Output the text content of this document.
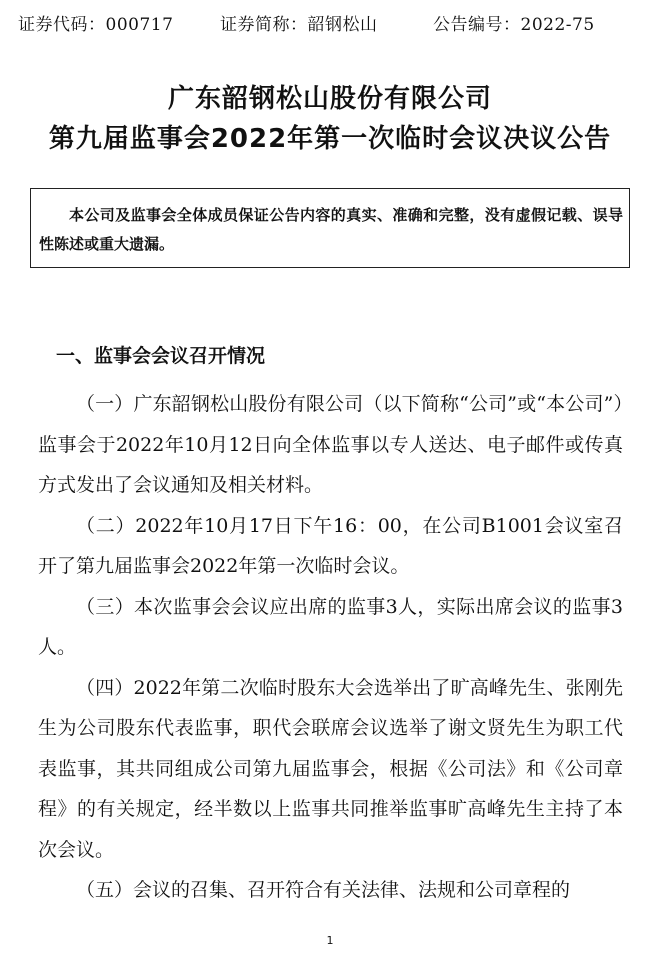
证券代码：000717	证券简称：韶钢松山	公告编号：2022-75
广东韶钢松山股份有限公司
第九届监事会2022年第一次临时会议决议公告
本公司及监事会全体成员保证公告内容的真实、准确和完整，没有虚假记载、误导性陈述或重大遗漏。
一、监事会会议召开情况

（一）广东韶钢松山股份有限公司（以下简称“公司”或“本公司”）监事会于2022年10月12日向全体监事以专人送达、电子邮件或传真方式发出了会议通知及相关材料。

（二）2022年10月17日下午16：00，在公司B1001会议室召开了第九届监事会2022年第一次临时会议。

（三）本次监事会会议应出席的监事3人，实际出席会议的监事3人。

（四）2022年第二次临时股东大会选举出了旷高峰先生、张刚先生为公司股东代表监事，职代会联席会议选举了谢文贤先生为职工代表监事，其共同组成公司第九届监事会，根据《公司法》和《公司章程》的有关规定，经半数以上监事共同推举监事旷高峰先生主持了本次会议。

（五）会议的召集、召开符合有关法律、法规和公司章程的

1
